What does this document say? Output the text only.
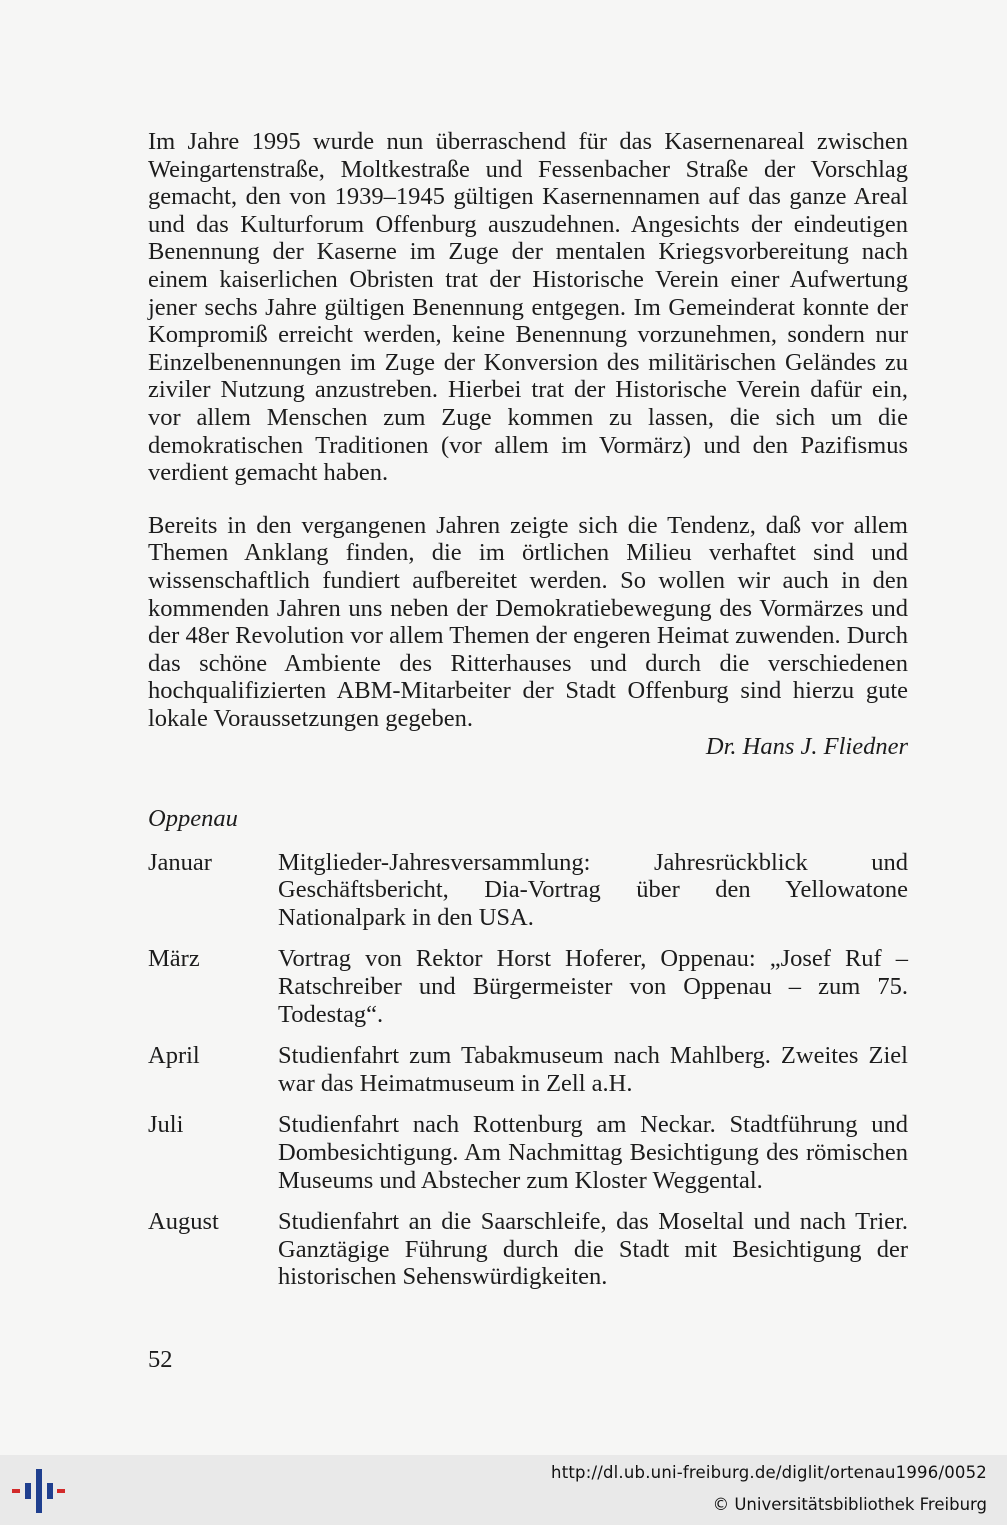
Im Jahre 1995 wurde nun überraschend für das Kasernenareal zwischen Weingartenstraße, Moltkestraße und Fessenbacher Straße der Vorschlag gemacht, den von 1939–1945 gültigen Kasernennamen auf das ganze Areal und das Kulturforum Offenburg auszudehnen. Angesichts der eindeutigen Benennung der Kaserne im Zuge der mentalen Kriegsvorbereitung nach einem kaiserlichen Obristen trat der Historische Verein einer Aufwertung jener sechs Jahre gültigen Benennung entgegen. Im Gemeinderat konnte der Kompromiß erreicht werden, keine Benennung vorzunehmen, sondern nur Einzelbenennungen im Zuge der Konversion des militärischen Geländes zu ziviler Nutzung anzustreben. Hierbei trat der Historische Verein dafür ein, vor allem Menschen zum Zuge kommen zu lassen, die sich um die demokratischen Traditionen (vor allem im Vormärz) und den Pazifismus verdient gemacht haben.

Bereits in den vergangenen Jahren zeigte sich die Tendenz, daß vor allem Themen Anklang finden, die im örtlichen Milieu verhaftet sind und wissenschaftlich fundiert aufbereitet werden. So wollen wir auch in den kommenden Jahren uns neben der Demokratiebewegung des Vormärzes und der 48er Revolution vor allem Themen der engeren Heimat zuwenden. Durch das schöne Ambiente des Ritterhauses und durch die verschiedenen hochqualifizierten ABM-Mitarbeiter der Stadt Offenburg sind hierzu gute lokale Voraussetzungen gegeben.

Dr. Hans J. Fliedner
Oppenau
Januar	Mitglieder-Jahresversammlung: Jahresrückblick und Geschäftsbericht, Dia-Vortrag über den Yellowatone Nationalpark in den USA.
März	Vortrag von Rektor Horst Hoferer, Oppenau: „Josef Ruf – Ratschreiber und Bürgermeister von Oppenau – zum 75. Todestag“.
April	Studienfahrt zum Tabakmuseum nach Mahlberg. Zweites Ziel war das Heimatmuseum in Zell a.H.
Juli	Studienfahrt nach Rottenburg am Neckar. Stadtführung und Dombesichtigung. Am Nachmittag Besichtigung des römischen Museums und Abstecher zum Kloster Weggental.
August	Studienfahrt an die Saarschleife, das Moseltal und nach Trier. Ganztägige Führung durch die Stadt mit Besichtigung der historischen Sehenswürdigkeiten.
52
http://dl.ub.uni-freiburg.de/diglit/ortenau1996/0052
© Universitätsbibliothek Freiburg
